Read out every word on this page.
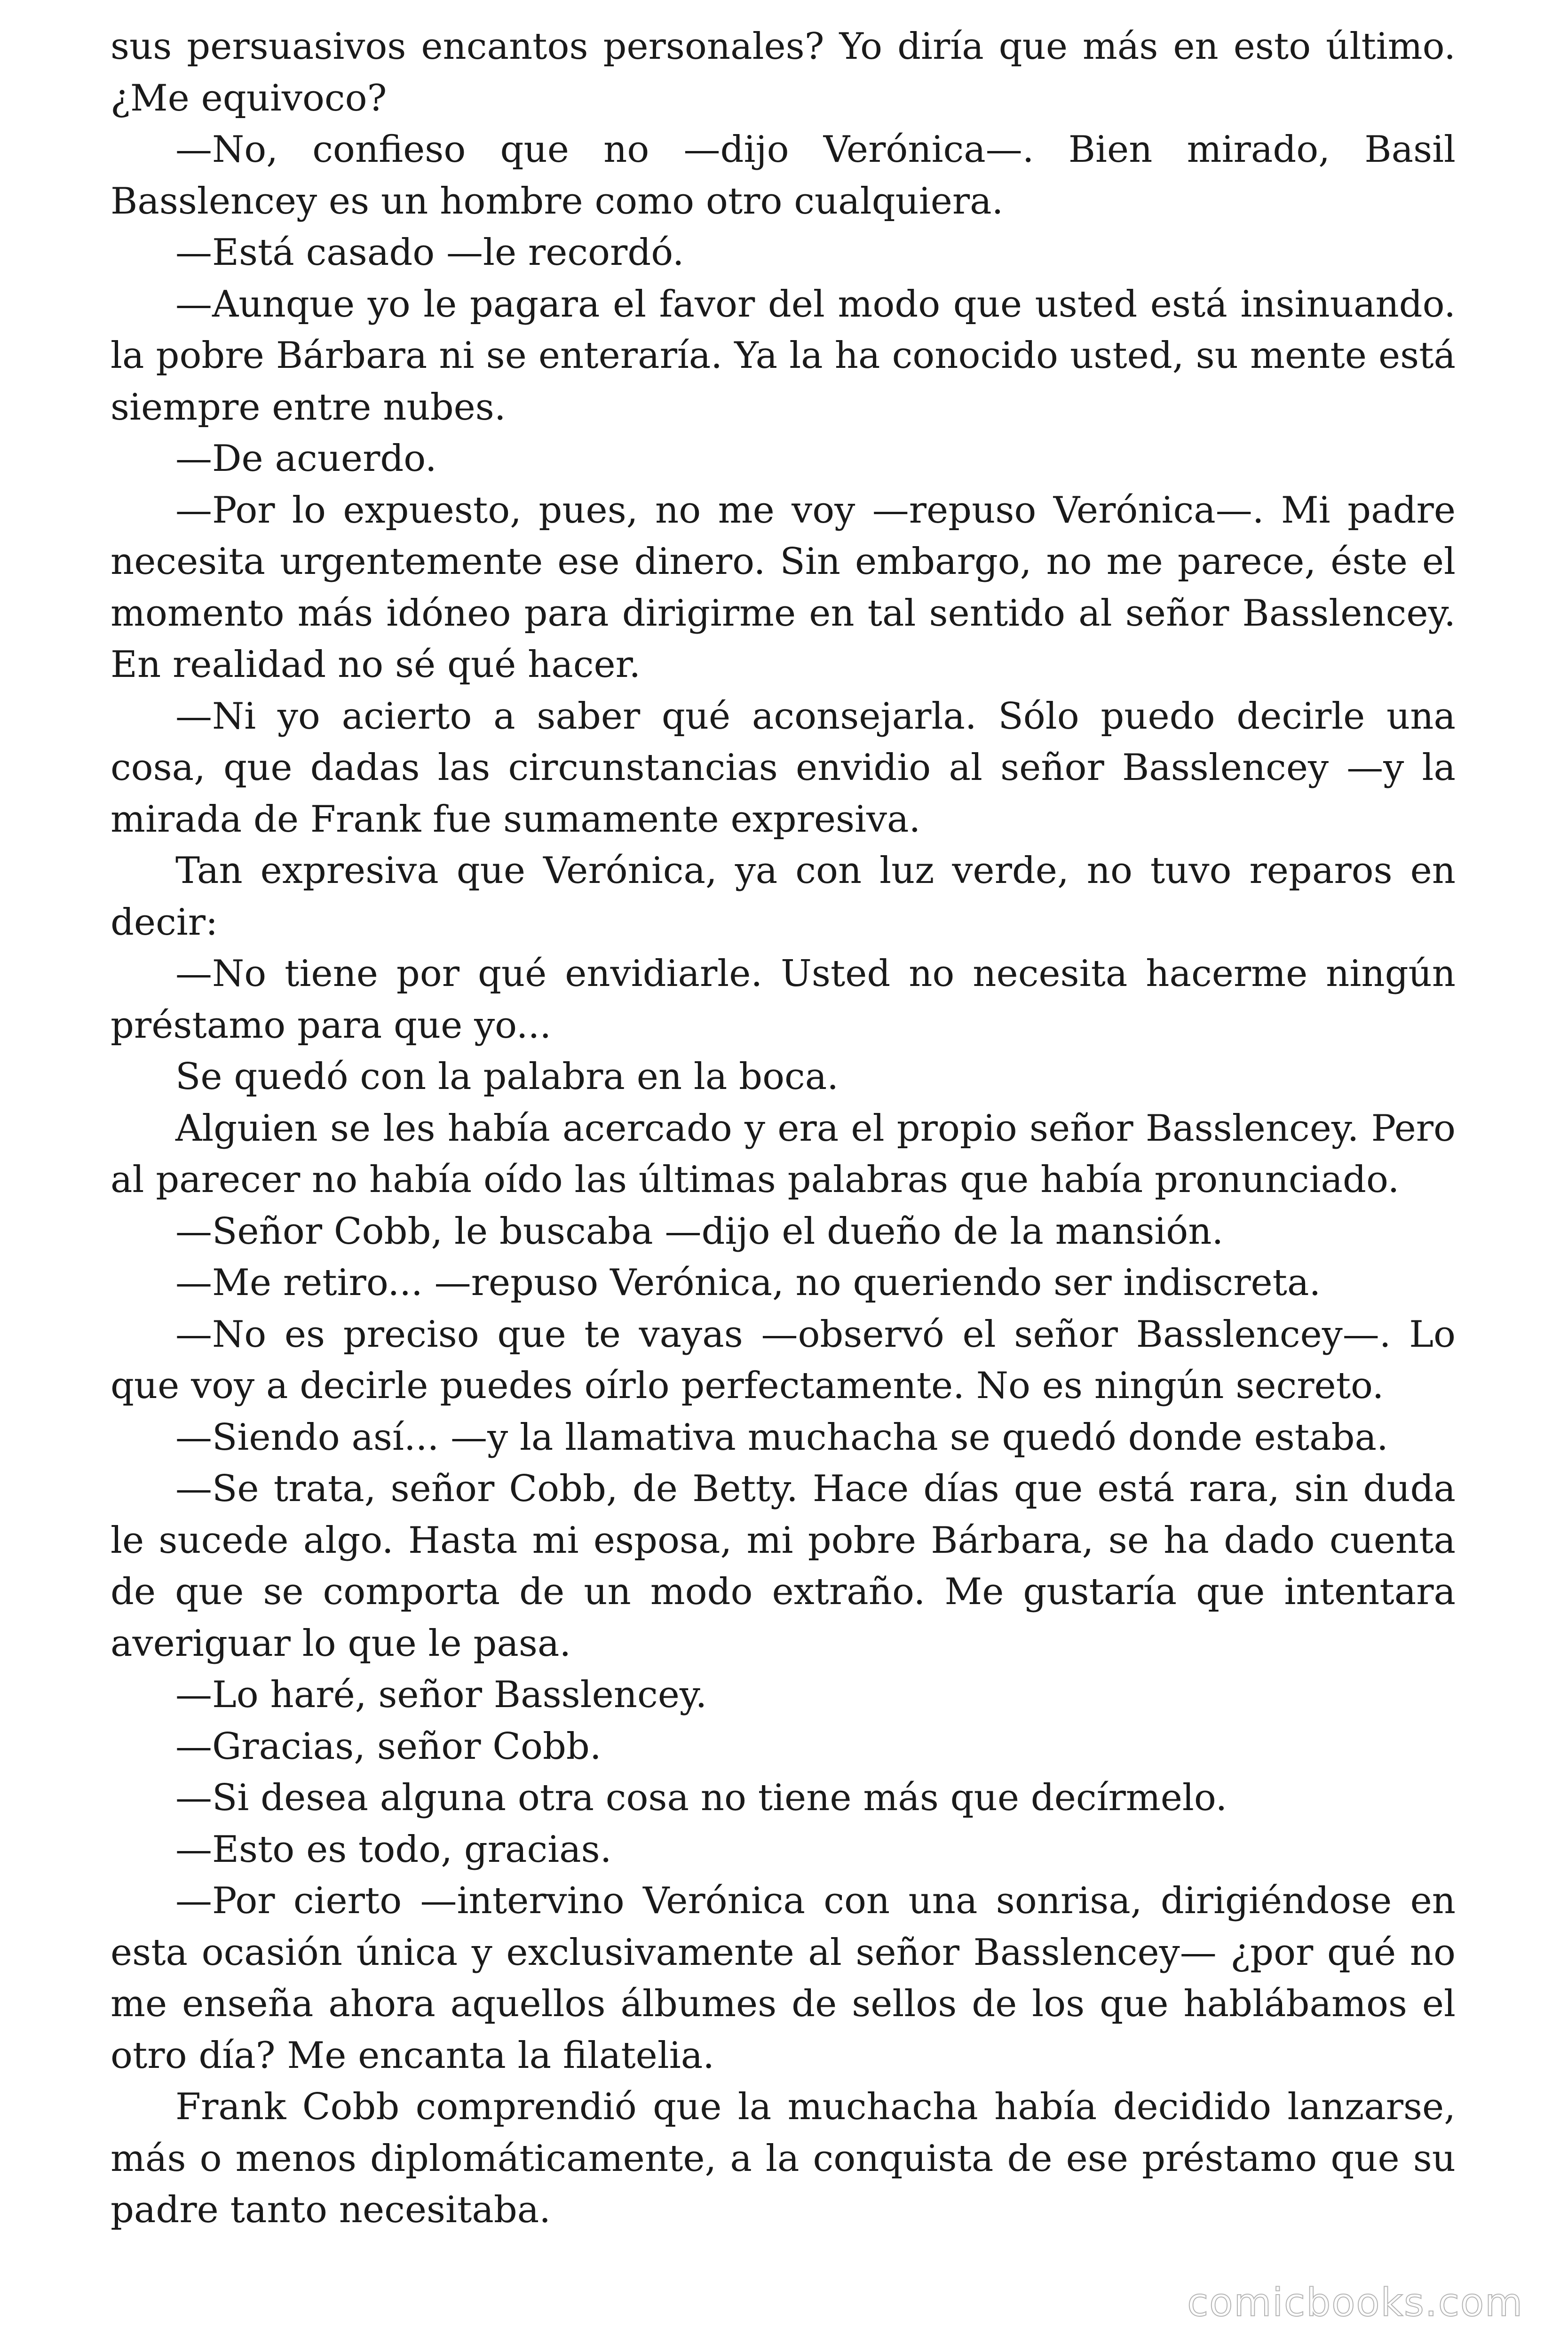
sus persuasivos encantos personales? Yo diría que más en esto último. ¿Me equivoco?

—No, confieso que no —dijo Verónica—. Bien mirado, Basil Basslencey es un hombre como otro cualquiera.

—Está casado —le recordó.

—Aunque yo le pagara el favor del modo que usted está insinuando. la pobre Bárbara ni se enteraría. Ya la ha conocido usted, su mente está siempre entre nubes.

—De acuerdo.

—Por lo expuesto, pues, no me voy —repuso Verónica—. Mi padre necesita urgentemente ese dinero. Sin embargo, no me parece, éste el momento más idóneo para dirigirme en tal sentido al señor Basslencey. En realidad no sé qué hacer.

—Ni yo acierto a saber qué aconsejarla. Sólo puedo decirle una cosa, que dadas las circunstancias envidio al señor Basslencey —y la mirada de Frank fue sumamente expresiva.

Tan expresiva que Verónica, ya con luz verde, no tuvo reparos en decir:

—No tiene por qué envidiarle. Usted no necesita hacerme ningún préstamo para que yo...

Se quedó con la palabra en la boca.

Alguien se les había acercado y era el propio señor Basslencey. Pero al parecer no había oído las últimas palabras que había pronunciado.

—Señor Cobb, le buscaba —dijo el dueño de la mansión.

—Me retiro... —repuso Verónica, no queriendo ser indiscreta.

—No es preciso que te vayas —observó el señor Basslencey—. Lo que voy a decirle puedes oírlo perfectamente. No es ningún secreto.

—Siendo así... —y la llamativa muchacha se quedó donde estaba.

—Se trata, señor Cobb, de Betty. Hace días que está rara, sin duda le sucede algo. Hasta mi esposa, mi pobre Bárbara, se ha dado cuenta de que se comporta de un modo extraño. Me gustaría que intentara averiguar lo que le pasa.

—Lo haré, señor Basslencey.

—Gracias, señor Cobb.

—Si desea alguna otra cosa no tiene más que decírmelo.

—Esto es todo, gracias.

—Por cierto —intervino Verónica con una sonrisa, dirigiéndose en esta ocasión única y exclusivamente al señor Basslencey— ¿por qué no me enseña ahora aquellos álbumes de sellos de los que hablábamos el otro día? Me encanta la filatelia.

Frank Cobb comprendió que la muchacha había decidido lanzarse, más o menos diplomáticamente, a la conquista de ese préstamo que su padre tanto necesitaba.

comicbooks.com
